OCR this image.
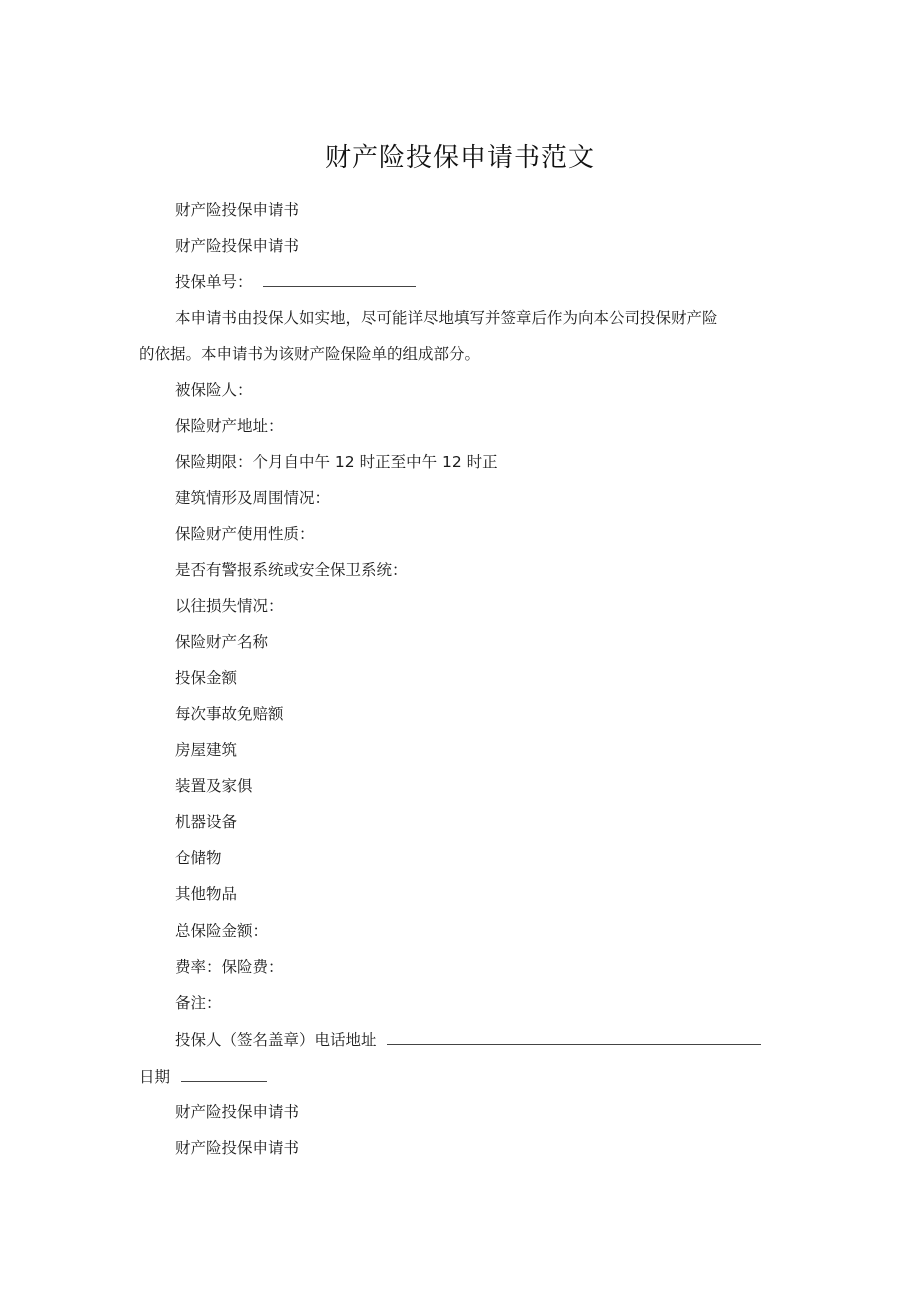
财产险投保申请书范文
财产险投保申请书
财产险投保申请书
投保单号：
本申请书由投保人如实地，尽可能详尽地填写并签章后作为向本公司投保财产险
的依据。本申请书为该财产险保险单的组成部分。
被保险人：
保险财产地址：
保险期限：个月自中午 12 时正至中午 12 时正
建筑情形及周围情况：
保险财产使用性质：
是否有警报系统或安全保卫系统：
以往损失情况：
保险财产名称
投保金额
每次事故免赔额
房屋建筑
装置及家俱
机器设备
仓储物
其他物品
总保险金额：
费率：保险费：
备注：
投保人（签名盖章）电话地址
日期
财产险投保申请书
财产险投保申请书
